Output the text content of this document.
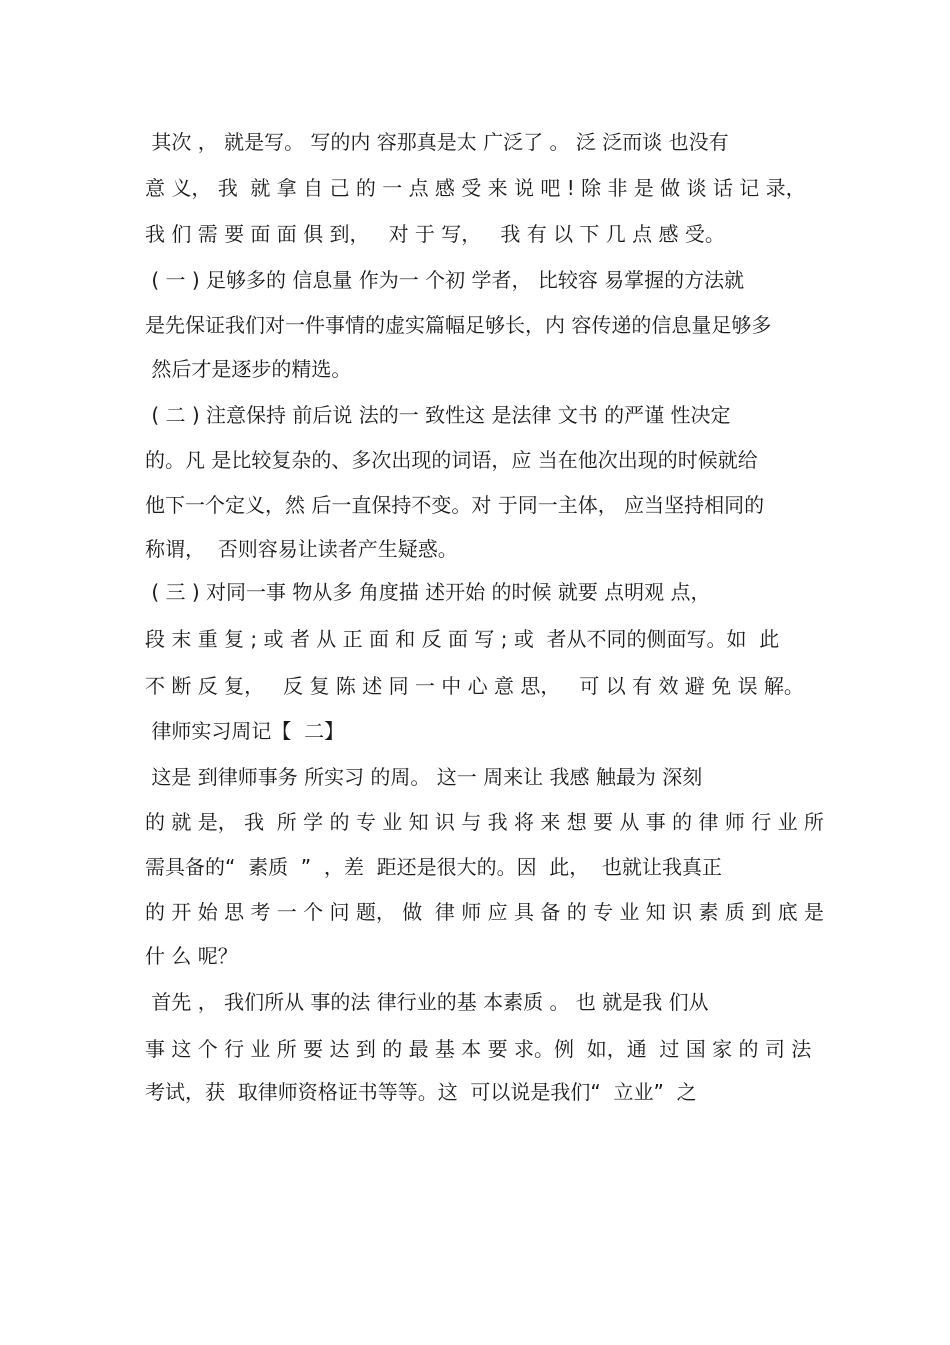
其次 ， 就是写。 写的内 容那真是太 广泛了 。 泛 泛而谈 也没有
意 义， 我  就 拿 自 己 的 一 点 感 受 来 说 吧 ! 除 非 是 做 谈 话 记 录，
我 们 需 要 面 面 俱 到，   对 于 写，   我 有 以 下 几 点 感 受。
( 一 ) 足够多的 信息量 作为一 个初 学者， 比较容 易掌握的方法就
是先保证我们对一件事情的虚实篇幅足够长，内 容传递的信息量足够多
然后才是逐步的精选。
( 二 ) 注意保持 前后说 法的一 致性这 是法律 文书 的严谨 性决定
的。凡 是比较复杂的、多次出现的词语，应 当在他次出现的时候就给
他下一个定义，然 后一直保持不变。对 于同一主体， 应当坚持相同的
称谓，  否则容易让读者产生疑惑。
( 三 ) 对同一事 物从多 角度描 述开始 的时候 就要 点明观 点，
段 末 重 复 ; 或 者 从 正 面 和 反 面 写 ; 或  者从不同的侧面写。如  此
不 断 反 复，   反 复 陈 述 同 一 中 心 意 思，   可 以 有 效 避 免 误 解。
律师实习周记【  二】
这是 到律师事务 所实习 的周。 这一 周来让 我感 触最为 深刻
的 就 是， 我  所 学 的 专 业 知 识 与 我 将 来 想 要 从 事 的 律 师 行 业 所
需具备的“  素质  ”  ，差  距还是很大的。因  此，  也就让我真正
的 开 始 思 考 一 个 问 题， 做  律 师 应 具 备 的 专 业 知 识 素 质 到 底 是
什 么 呢？
首先 ， 我们所从 事的法 律行业的基 本素质 。 也 就是我 们从
事 这 个 行 业 所 要 达 到 的 最 基 本 要 求。例  如，通  过 国 家 的 司 法
考试，获  取律师资格证书等等。这  可以说是我们“  立业”  之
